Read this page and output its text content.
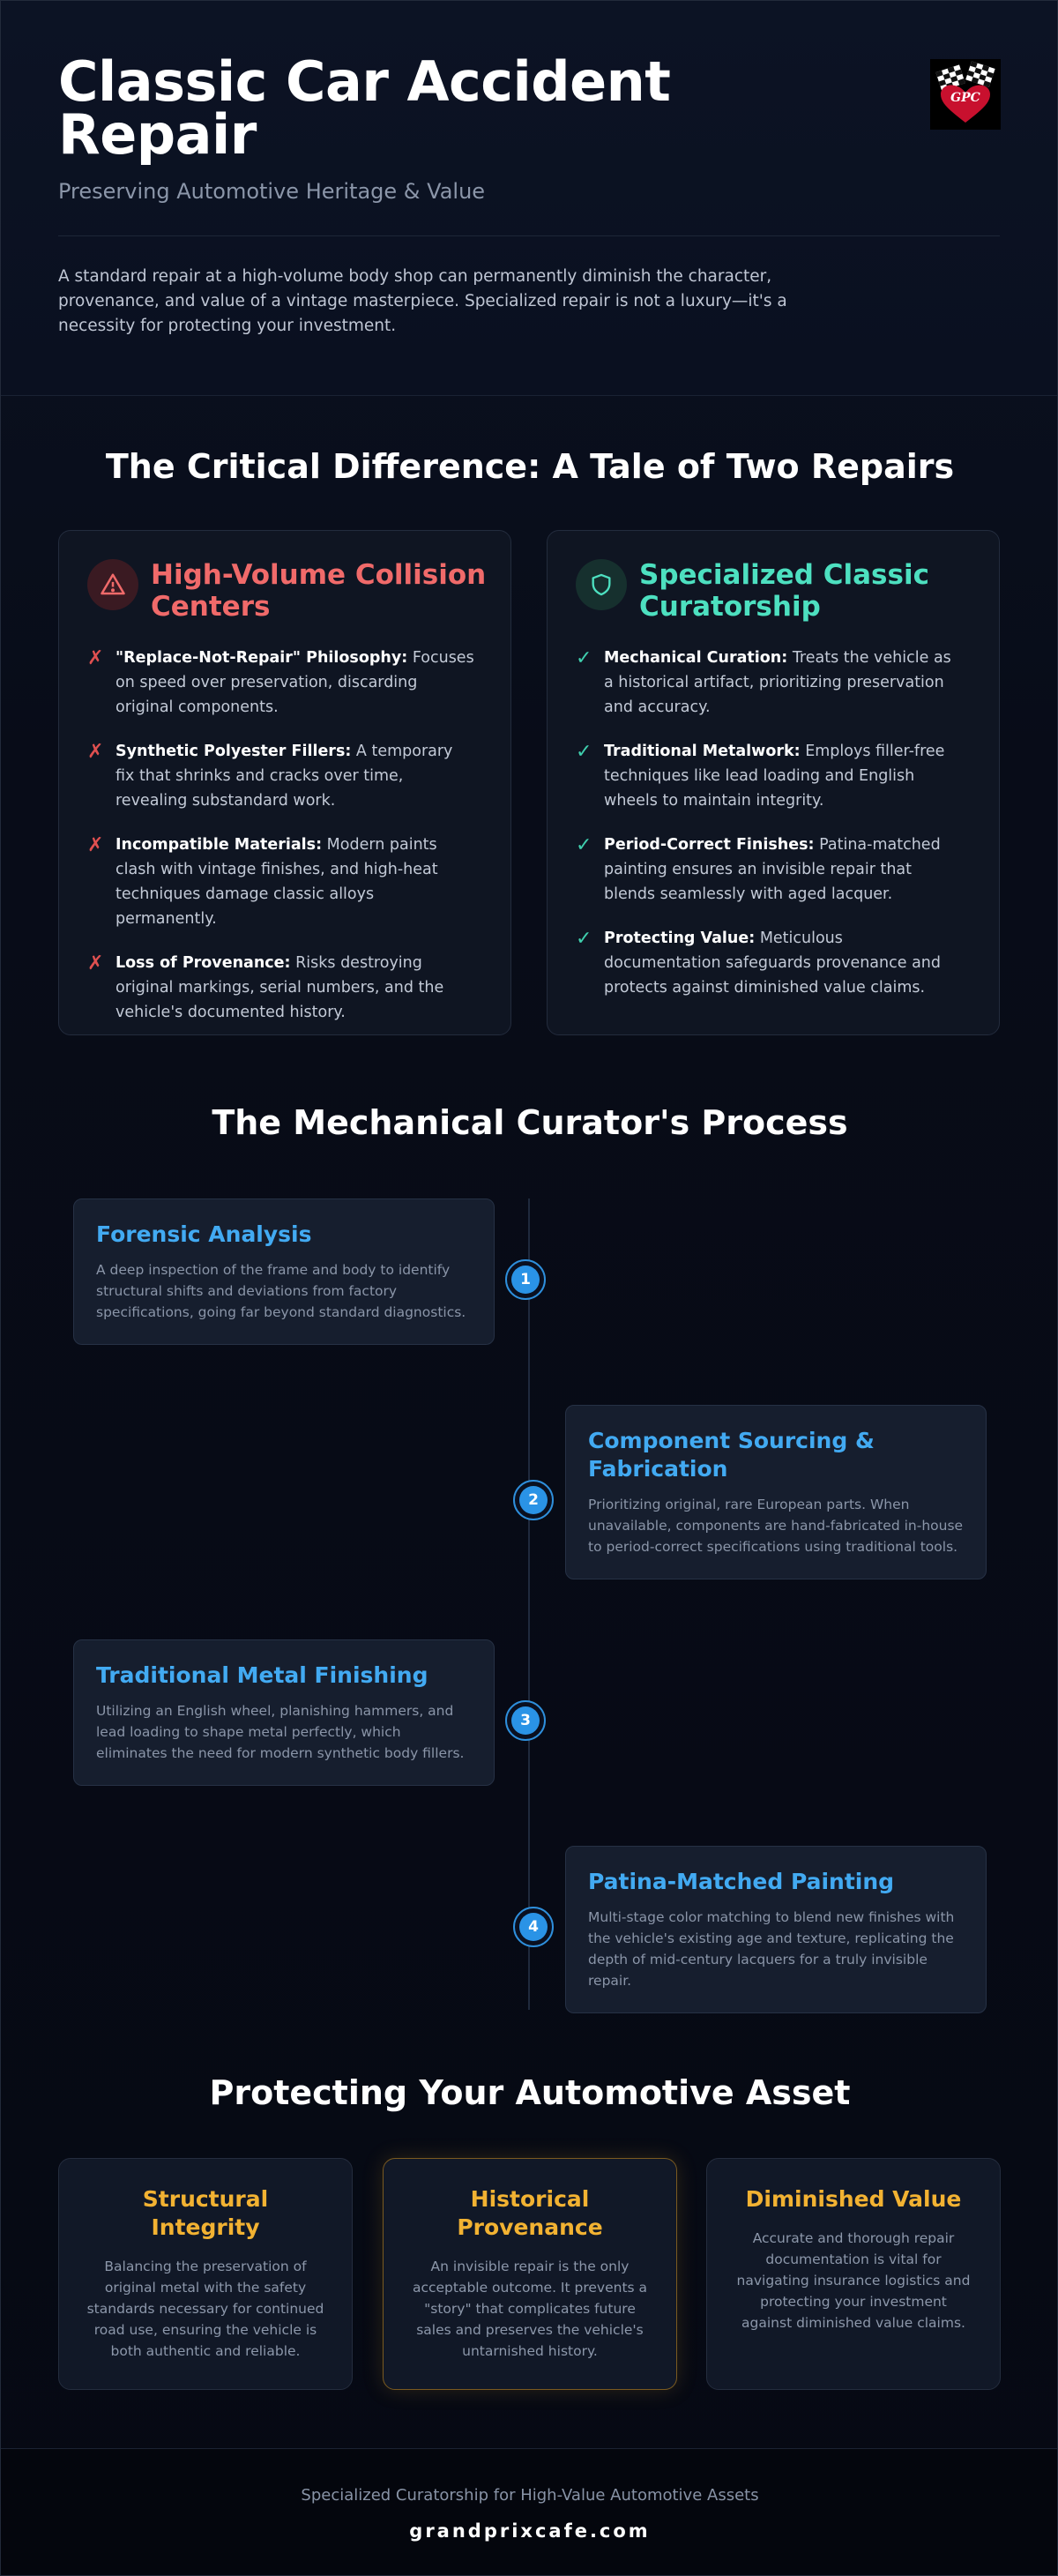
Classic Car Accident Repair
Preserving Automotive Heritage & Value

A standard repair at a high-volume body shop can permanently diminish the character, provenance, and value of a vintage masterpiece. Specialized repair is not a luxury—it's a necessity for protecting your investment.

GPC
The Critical Difference: A Tale of Two Repairs
High-Volume Collision Centers
✗ "Replace-Not-Repair" Philosophy: Focuses on speed over preservation, discarding original components.
✗ Synthetic Polyester Fillers: A temporary fix that shrinks and cracks over time, revealing substandard work.
✗ Incompatible Materials: Modern paints clash with vintage finishes, and high-heat techniques damage classic alloys permanently.
✗ Loss of Provenance: Risks destroying original markings, serial numbers, and the vehicle's documented history.
Specialized Classic Curatorship
✓ Mechanical Curation: Treats the vehicle as a historical artifact, prioritizing preservation and accuracy.
✓ Traditional Metalwork: Employs filler-free techniques like lead loading and English wheels to maintain integrity.
✓ Period-Correct Finishes: Patina-matched painting ensures an invisible repair that blends seamlessly with aged lacquer.
✓ Protecting Value: Meticulous documentation safeguards provenance and protects against diminished value claims.
The Mechanical Curator's Process
Forensic Analysis

A deep inspection of the frame and body to identify structural shifts and deviations from factory specifications, going far beyond standard diagnostics.

1
Component Sourcing & Fabrication

Prioritizing original, rare European parts. When unavailable, components are hand-fabricated in-house to period-correct specifications using traditional tools.

2
Traditional Metal Finishing

Utilizing an English wheel, planishing hammers, and lead loading to shape metal perfectly, which eliminates the need for modern synthetic body fillers.

3
Patina-Matched Painting

Multi-stage color matching to blend new finishes with the vehicle's existing age and texture, replicating the depth of mid-century lacquers for a truly invisible repair.

4
Protecting Your Automotive Asset
Structural Integrity

Balancing the preservation of original metal with the safety standards necessary for continued road use, ensuring the vehicle is both authentic and reliable.

Historical Provenance

An invisible repair is the only acceptable outcome. It prevents a "story" that complicates future sales and preserves the vehicle's untarnished history.

Diminished Value

Accurate and thorough repair documentation is vital for navigating insurance logistics and protecting your investment against diminished value claims.

Specialized Curatorship for High-Value Automotive Assets
grandprixcafe.com
